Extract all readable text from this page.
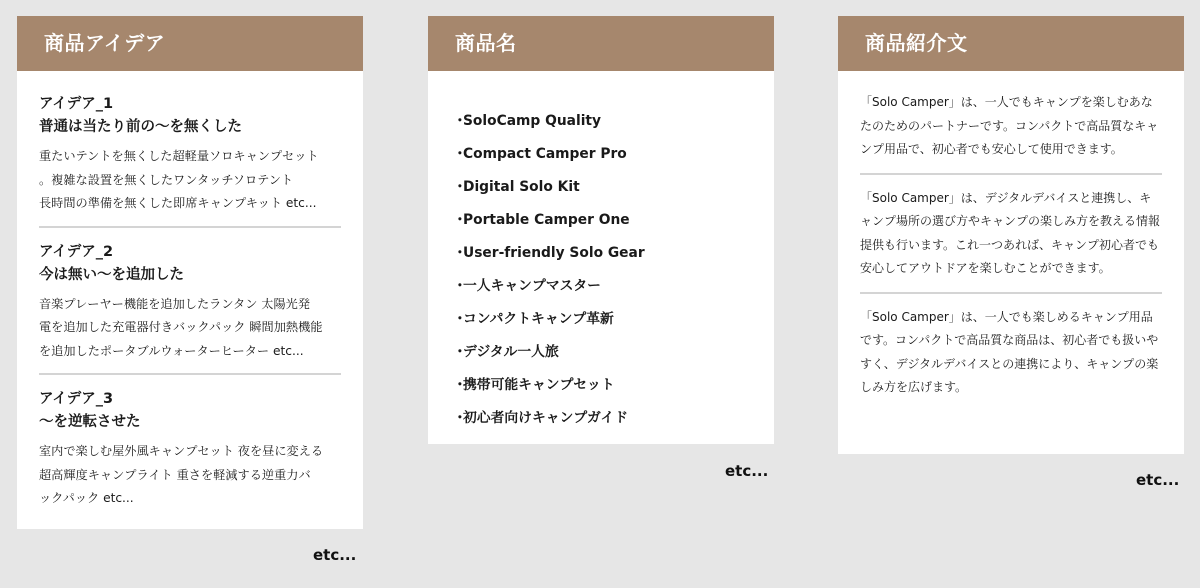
商品アイデア

アイデア_1

普通は当たり前の〜を無くした

重たいテントを無くした超軽量ソロキャンプセット
。複雑な設置を無くしたワンタッチソロテント
長時間の準備を無くした即席キャンプキット etc...

アイデア_2

今は無い〜を追加した

音楽プレーヤー機能を追加したランタン 太陽光発
電を追加した充電器付きバックパック 瞬間加熱機能
を追加したポータブルウォーターヒーター etc...

アイデア_3

〜を逆転させた

室内で楽しむ屋外風キャンプセット 夜を昼に変える
超高輝度キャンプライト 重さを軽減する逆重力バ
ックパック etc...

etc...
商品名
・SoloCamp Quality
・Compact Camper Pro
・Digital Solo Kit
・Portable Camper One
・User-friendly Solo Gear
・一人キャンプマスター
・コンパクトキャンプ革新
・デジタル一人旅
・携帯可能キャンプセット
・初心者向けキャンプガイド
etc...
商品紹介文

「Solo Camper」は、一人でもキャンプを楽しむあなたのためのパートナーです。コンパクトで高品質なキャンプ用品で、初心者でも安心して使用できます。

「Solo Camper」は、デジタルデバイスと連携し、キャンプ場所の選び方やキャンプの楽しみ方を教える情報提供も行います。これ一つあれば、キャンプ初心者でも安心してアウトドアを楽しむことができます。

「Solo Camper」は、一人でも楽しめるキャンプ用品です。コンパクトで高品質な商品は、初心者でも扱いやすく、デジタルデバイスとの連携により、キャンプの楽しみ方を広げます。

etc...
